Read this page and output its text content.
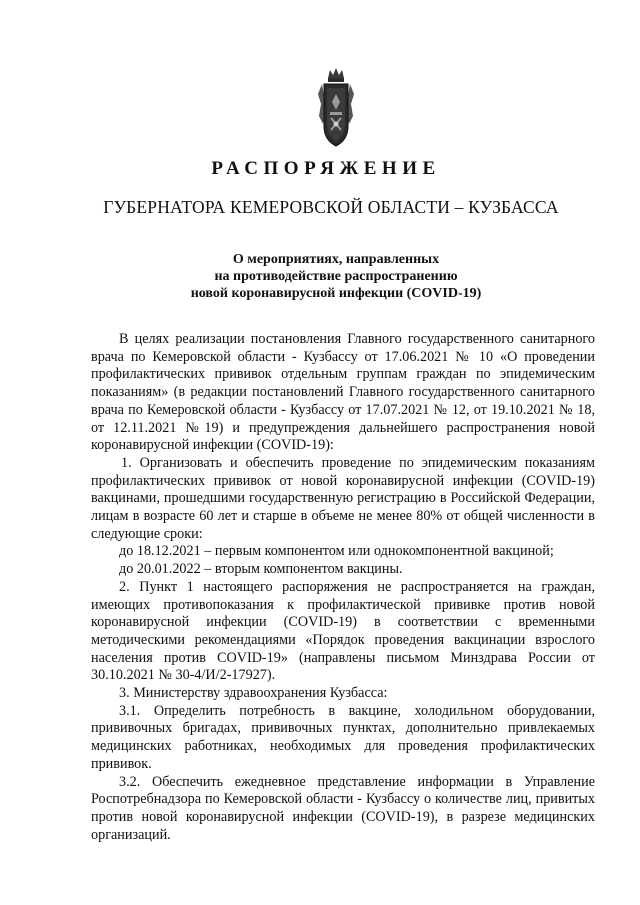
РАСПОРЯЖЕНИЕ
ГУБЕРНАТОРА КЕМЕРОВСКОЙ ОБЛАСТИ – КУЗБАССА
О мероприятиях, направленных
на противодействие распространению
новой коронавирусной инфекции (COVID-19)

В целях реализации постановления Главного государственного санитарного врача по Кемеровской области - Кузбассу от 17.06.2021 № 10 «О проведении профилактических прививок отдельным группам граждан по эпидемическим показаниям» (в редакции постановлений Главного государственного санитарного врача по Кемеровской области - Кузбассу от 17.07.2021 № 12, от 19.10.2021 № 18, от 12.11.2021 №19) и предупреждения дальнейшего распространения новой коронавирусной инфекции (COVID-19):

1. Организовать и обеспечить проведение по эпидемическим показаниям профилактических прививок от новой коронавирусной инфекции (COVID-19) вакцинами, прошедшими государственную регистрацию в Российской Федерации, лицам в возрасте 60 лет и старше в объеме не менее 80% от общей численности в следующие сроки:

до 18.12.2021 – первым компонентом или однокомпонентной вакциной;

до 20.01.2022 – вторым компонентом вакцины.

2. Пункт 1 настоящего распоряжения не распространяется на граждан, имеющих противопоказания к профилактической прививке против новой коронавирусной инфекции (COVID-19) в соответствии с временными методическими рекомендациями «Порядок проведения вакцинации взрослого населения против COVID-19» (направлены письмом Минздрава России от 30.10.2021 № 30-4/И/2-17927).

3. Министерству здравоохранения Кузбасса:

3.1. Определить потребность в вакцине, холодильном оборудовании, прививочных бригадах, прививочных пунктах, дополнительно привлекаемых медицинских работниках, необходимых для проведения профилактических прививок.

3.2. Обеспечить ежедневное представление информации в Управление Роспотребнадзора по Кемеровской области - Кузбассу о количестве лиц, привитых против новой коронавирусной инфекции (COVID-19), в разрезе медицинских организаций.
